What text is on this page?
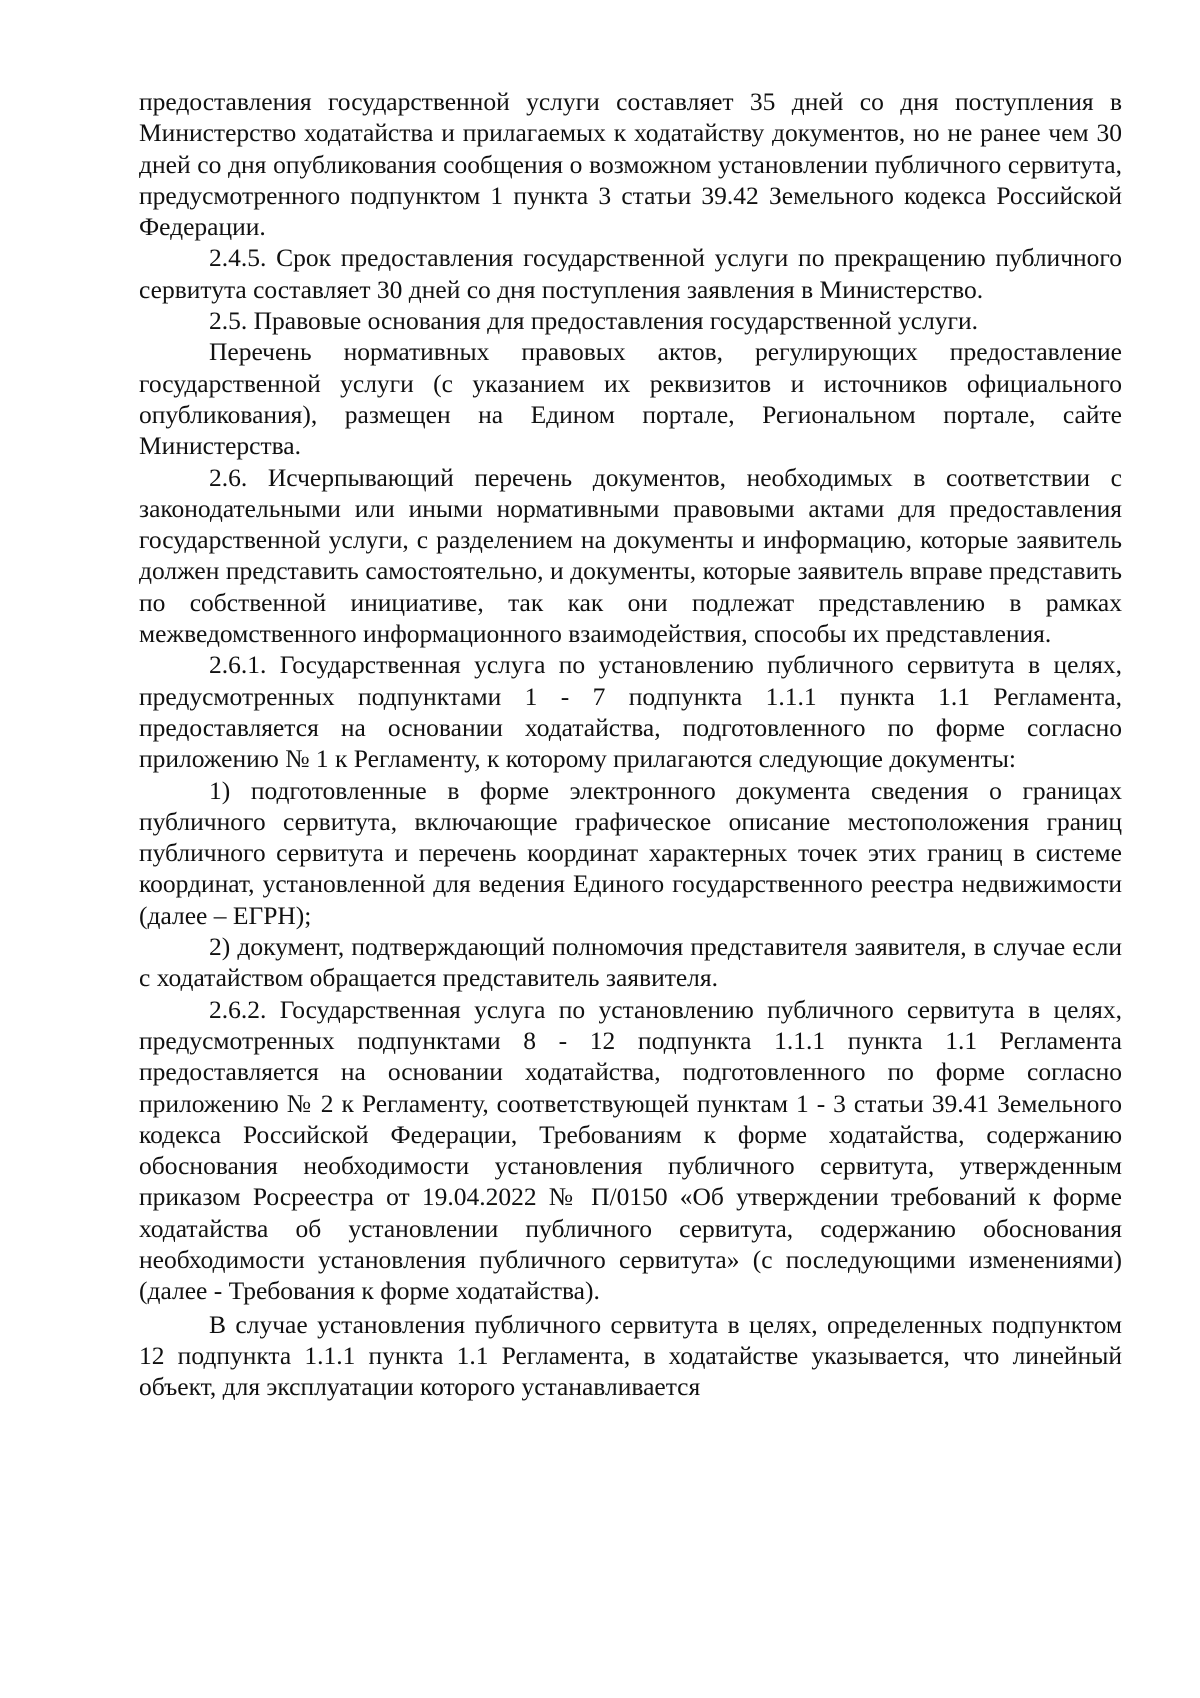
предоставления государственной услуги составляет 35 дней со дня поступления в Министерство ходатайства и прилагаемых к ходатайству документов, но не ранее чем 30 дней со дня опубликования сообщения о возможном установлении публичного сервитута, предусмотренного подпунктом 1 пункта 3 статьи 39.42 Земельного кодекса Российской Федерации.

2.4.5. Срок предоставления государственной услуги по прекращению публичного сервитута составляет 30 дней со дня поступления заявления в Министерство.

2.5. Правовые основания для предоставления государственной услуги.

Перечень нормативных правовых актов, регулирующих предоставление государственной услуги (с указанием их реквизитов и источников официального опубликования), размещен на Едином портале, Региональном портале, сайте Министерства.

2.6. Исчерпывающий перечень документов, необходимых в соответствии с законодательными или иными нормативными правовыми актами для предоставления государственной услуги, с разделением на документы и информацию, которые заявитель должен представить самостоятельно, и документы, которые заявитель вправе представить по собственной инициативе, так как они подлежат представлению в рамках межведомственного информационного взаимодействия, способы их представления.

2.6.1. Государственная услуга по установлению публичного сервитута в целях, предусмотренных подпунктами 1 - 7 подпункта 1.1.1 пункта 1.1 Регламента, предоставляется на основании ходатайства, подготовленного по форме согласно приложению № 1 к Регламенту, к которому прилагаются следующие документы:

1) подготовленные в форме электронного документа сведения о границах публичного сервитута, включающие графическое описание местоположения границ публичного сервитута и перечень координат характерных точек этих границ в системе координат, установленной для ведения Единого государственного реестра недвижимости (далее – ЕГРН);

2) документ, подтверждающий полномочия представителя заявителя, в случае если с ходатайством обращается представитель заявителя.

2.6.2. Государственная услуга по установлению публичного сервитута в целях, предусмотренных подпунктами 8 - 12 подпункта 1.1.1 пункта 1.1 Регламента предоставляется на основании ходатайства, подготовленного по форме согласно приложению № 2 к Регламенту, соответствующей пунктам 1 - 3 статьи 39.41 Земельного кодекса Российской Федерации, Требованиям к форме ходатайства, содержанию обоснования необходимости установления публичного сервитута, утвержденным приказом Росреестра от 19.04.2022 № П/0150 «Об утверждении требований к форме ходатайства об установлении публичного сервитута, содержанию обоснования необходимости установления публичного сервитута» (с последующими изменениями) (далее - Требования к форме ходатайства).

В случае установления публичного сервитута в целях, определенных подпунктом 12 подпункта 1.1.1 пункта 1.1 Регламента, в ходатайстве указывается, что линейный объект, для эксплуатации которого устанавливается
